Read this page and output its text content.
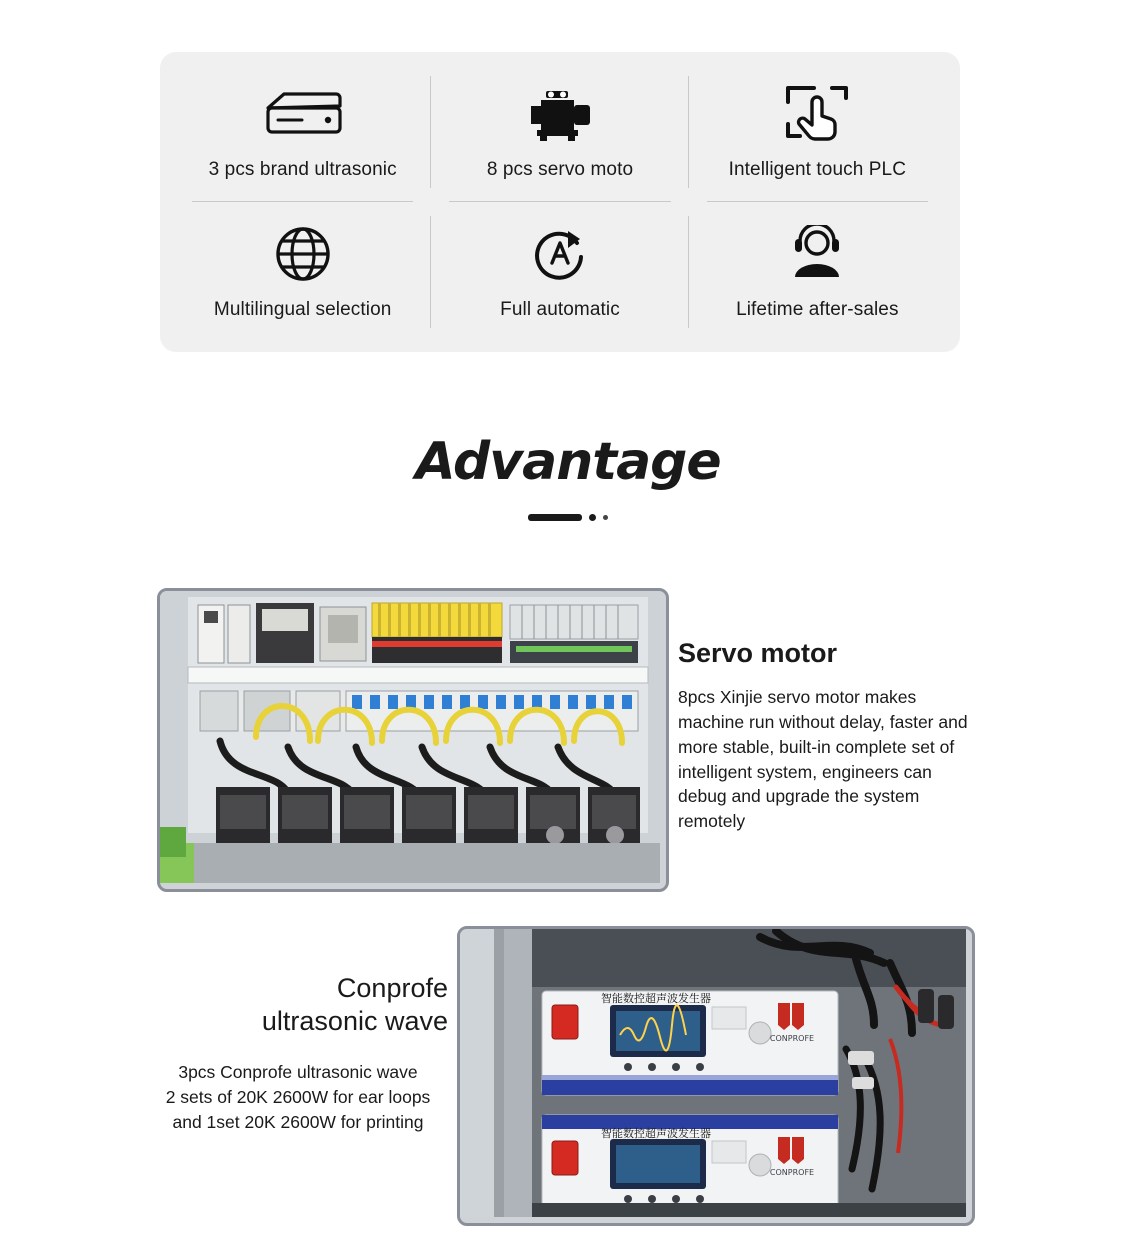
3 pcs brand ultrasonic	8 pcs servo moto	Intelligent touch PLC
Multilingual selection	Full automatic	Lifetime after-sales
Advantage
Servo motor
8pcs Xinjie servo motor makes machine run without delay, faster and more stable, built-in complete set of intelligent system, engineers can debug and upgrade the system remotely
Conprofe
ultrasonic wave
3pcs Conprofe ultrasonic wave
2 sets of 20K 2600W for ear loops
and 1set 20K 2600W for printing
智能数控超声波发生器
CONPROFE
智能数控超声波发生器
CONPROFE
